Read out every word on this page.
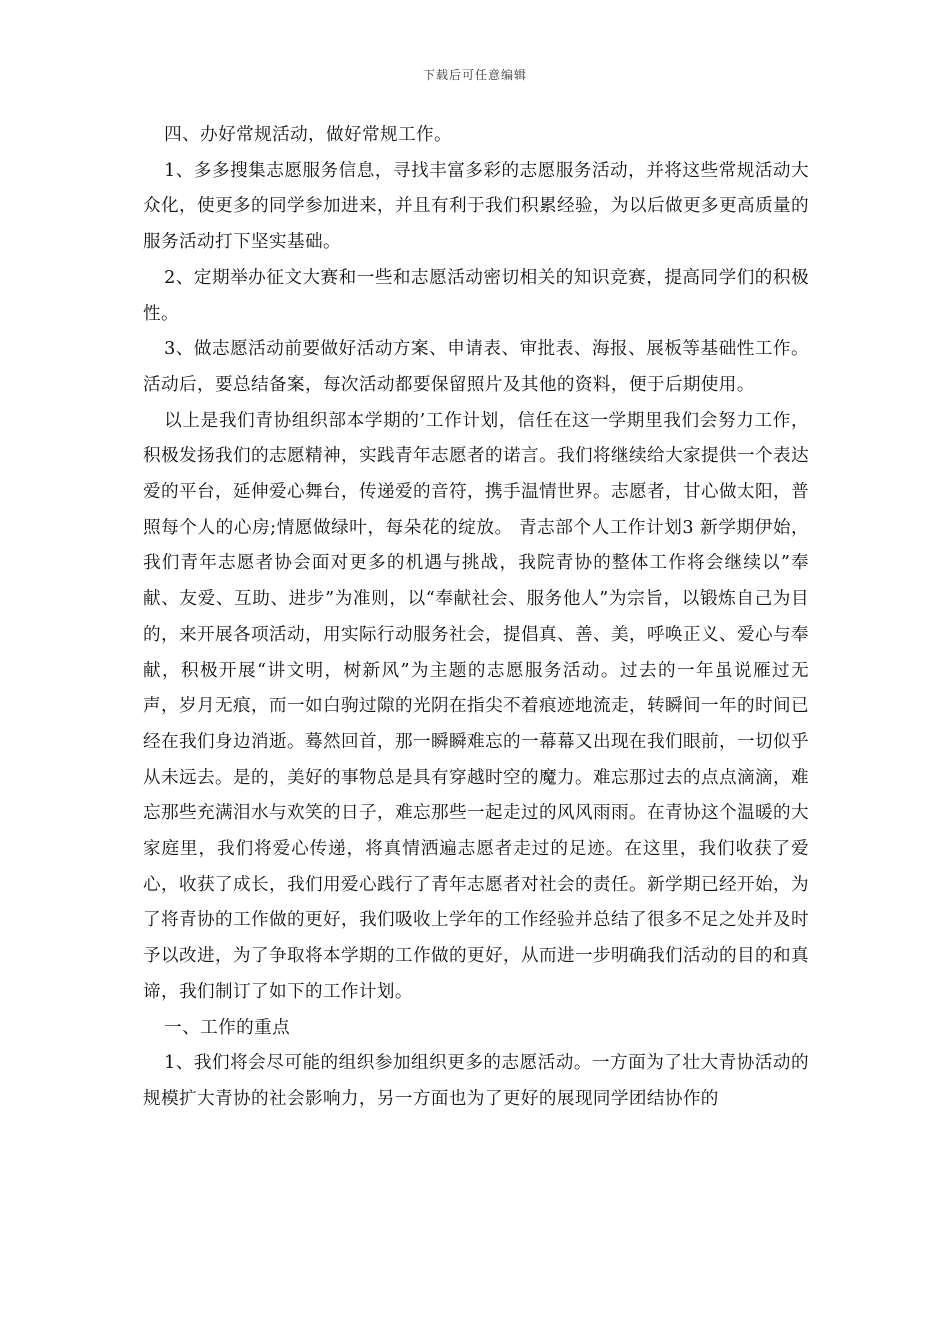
下载后可任意编辑

四、办好常规活动，做好常规工作。

1、多多搜集志愿服务信息，寻找丰富多彩的志愿服务活动，并将这些常规活动大众化，使更多的同学参加进来，并且有利于我们积累经验，为以后做更多更高质量的服务活动打下坚实基础。

2、定期举办征文大赛和一些和志愿活动密切相关的知识竞赛，提高同学们的积极性。

3、做志愿活动前要做好活动方案、申请表、审批表、海报、展板等基础性工作。活动后，要总结备案，每次活动都要保留照片及其他的资料，便于后期使用。

以上是我们青协组织部本学期的’工作计划，信任在这一学期里我们会努力工作，积极发扬我们的志愿精神，实践青年志愿者的诺言。我们将继续给大家提供一个表达爱的平台，延伸爱心舞台，传递爱的音符，携手温情世界。志愿者，甘心做太阳，普照每个人的心房;情愿做绿叶，每朵花的绽放。 青志部个人工作计划3 新学期伊始，我们青年志愿者协会面对更多的机遇与挑战，我院青协的整体工作将会继续以”奉献、友爱、互助、进步”为准则，以“奉献社会、服务他人”为宗旨，以锻炼自己为目的，来开展各项活动，用实际行动服务社会，提倡真、善、美，呼唤正义、爱心与奉献，积极开展“讲文明，树新风”为主题的志愿服务活动。过去的一年虽说雁过无声，岁月无痕，而一如白驹过隙的光阴在指尖不着痕迹地流走，转瞬间一年的时间已经在我们身边消逝。蓦然回首，那一瞬瞬难忘的一幕幕又出现在我们眼前，一切似乎从未远去。是的，美好的事物总是具有穿越时空的魔力。难忘那过去的点点滴滴，难忘那些充满泪水与欢笑的日子，难忘那些一起走过的风风雨雨。在青协这个温暖的大家庭里，我们将爱心传递，将真情洒遍志愿者走过的足迹。在这里，我们收获了爱心，收获了成长，我们用爱心践行了青年志愿者对社会的责任。新学期已经开始，为了将青协的工作做的更好，我们吸收上学年的工作经验并总结了很多不足之处并及时予以改进，为了争取将本学期的工作做的更好，从而进一步明确我们活动的目的和真谛，我们制订了如下的工作计划。

一、工作的重点

1、我们将会尽可能的组织参加组织更多的志愿活动。一方面为了壮大青协活动的规模扩大青协的社会影响力，另一方面也为了更好的展现同学团结协作的
